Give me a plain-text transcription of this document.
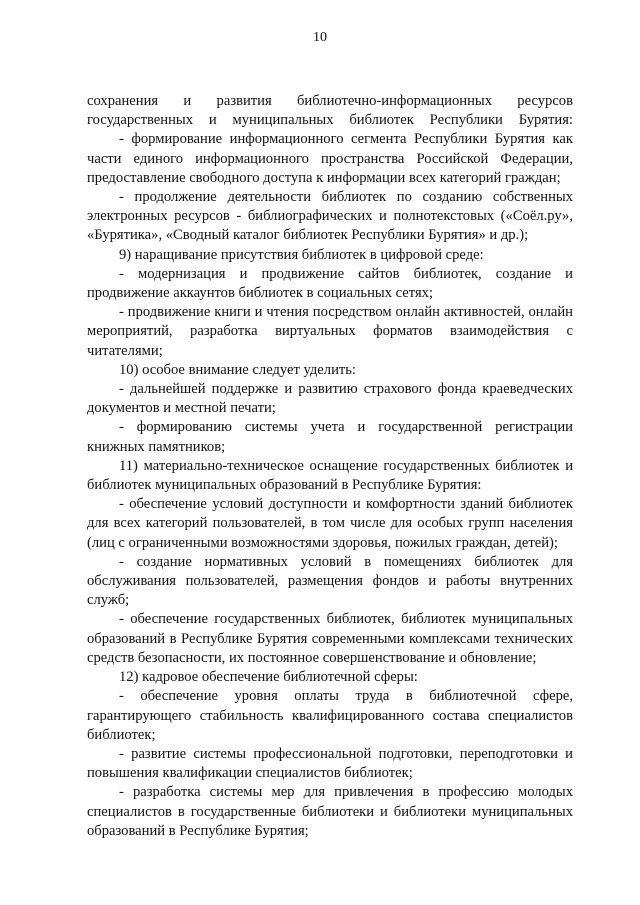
10

сохранения и развития библиотечно-информационных ресурсов государственных и муниципальных библиотек Республики Бурятия:

- формирование информационного сегмента Республики Бурятия как части единого информационного пространства Российской Федерации, предоставление свободного доступа к информации всех категорий граждан;

- продолжение деятельности библиотек по созданию собственных электронных ресурсов - библиографических и полнотекстовых («Соёл.ру», «Бурятика», «Сводный каталог библиотек Республики Бурятия» и др.);

9) наращивание присутствия библиотек в цифровой среде:

- модернизация и продвижение сайтов библиотек, создание и продвижение аккаунтов библиотек в социальных сетях;

- продвижение книги и чтения посредством онлайн активностей, онлайн мероприятий, разработка виртуальных форматов взаимодействия с читателями;

10) особое внимание следует уделить:

- дальнейшей поддержке и развитию страхового фонда краеведческих документов и местной печати;

- формированию системы учета и государственной регистрации книжных памятников;

11) материально-техническое оснащение государственных библиотек и библиотек муниципальных образований в Республике Бурятия:

- обеспечение условий доступности и комфортности зданий библиотек для всех категорий пользователей, в том числе для особых групп населения (лиц с ограниченными возможностями здоровья, пожилых граждан, детей);

- создание нормативных условий в помещениях библиотек для обслуживания пользователей, размещения фондов и работы внутренних служб;

- обеспечение государственных библиотек, библиотек муниципальных образований в Республике Бурятия современными комплексами технических средств безопасности, их постоянное совершенствование и обновление;

12) кадровое обеспечение библиотечной сферы:

- обеспечение уровня оплаты труда в библиотечной сфере, гарантирующего стабильность квалифицированного состава специалистов библиотек;

- развитие системы профессиональной подготовки, переподготовки и повышения квалификации специалистов библиотек;

- разработка системы мер для привлечения в профессию молодых специалистов в государственные библиотеки и библиотеки муниципальных образований в Республике Бурятия;
